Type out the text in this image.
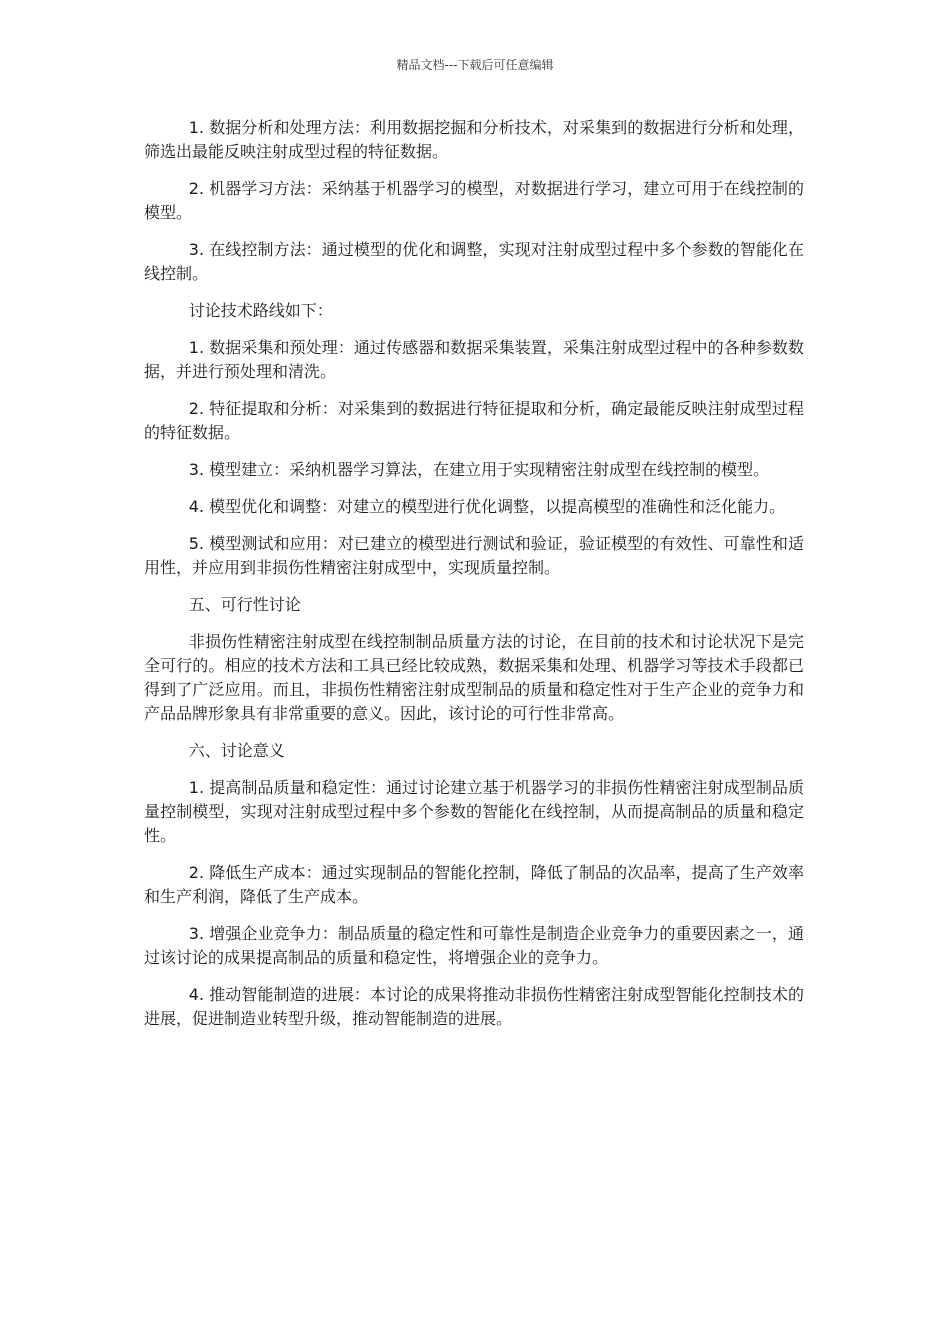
精品文档---下载后可任意编辑

1. 数据分析和处理方法：利用数据挖掘和分析技术，对采集到的数据进行分析和处理，筛选出最能反映注射成型过程的特征数据。

2. 机器学习方法：采纳基于机器学习的模型，对数据进行学习，建立可用于在线控制的模型。

3. 在线控制方法：通过模型的优化和调整，实现对注射成型过程中多个参数的智能化在线控制。

讨论技术路线如下：

1. 数据采集和预处理：通过传感器和数据采集装置，采集注射成型过程中的各种参数数据，并进行预处理和清洗。

2. 特征提取和分析：对采集到的数据进行特征提取和分析，确定最能反映注射成型过程的特征数据。

3. 模型建立：采纳机器学习算法，在建立用于实现精密注射成型在线控制的模型。

4. 模型优化和调整：对建立的模型进行优化调整，以提高模型的准确性和泛化能力。

5. 模型测试和应用：对已建立的模型进行测试和验证，验证模型的有效性、可靠性和适用性，并应用到非损伤性精密注射成型中，实现质量控制。

五、可行性讨论

非损伤性精密注射成型在线控制制品质量方法的讨论，在目前的技术和讨论状况下是完全可行的。相应的技术方法和工具已经比较成熟，数据采集和处理、机器学习等技术手段都已得到了广泛应用。而且，非损伤性精密注射成型制品的质量和稳定性对于生产企业的竞争力和产品品牌形象具有非常重要的意义。因此，该讨论的可行性非常高。

六、讨论意义

1. 提高制品质量和稳定性：通过讨论建立基于机器学习的非损伤性精密注射成型制品质量控制模型，实现对注射成型过程中多个参数的智能化在线控制，从而提高制品的质量和稳定性。

2. 降低生产成本：通过实现制品的智能化控制，降低了制品的次品率，提高了生产效率和生产利润，降低了生产成本。

3. 增强企业竞争力：制品质量的稳定性和可靠性是制造企业竞争力的重要因素之一，通过该讨论的成果提高制品的质量和稳定性，将增强企业的竞争力。

4. 推动智能制造的进展：本讨论的成果将推动非损伤性精密注射成型智能化控制技术的进展，促进制造业转型升级，推动智能制造的进展。
